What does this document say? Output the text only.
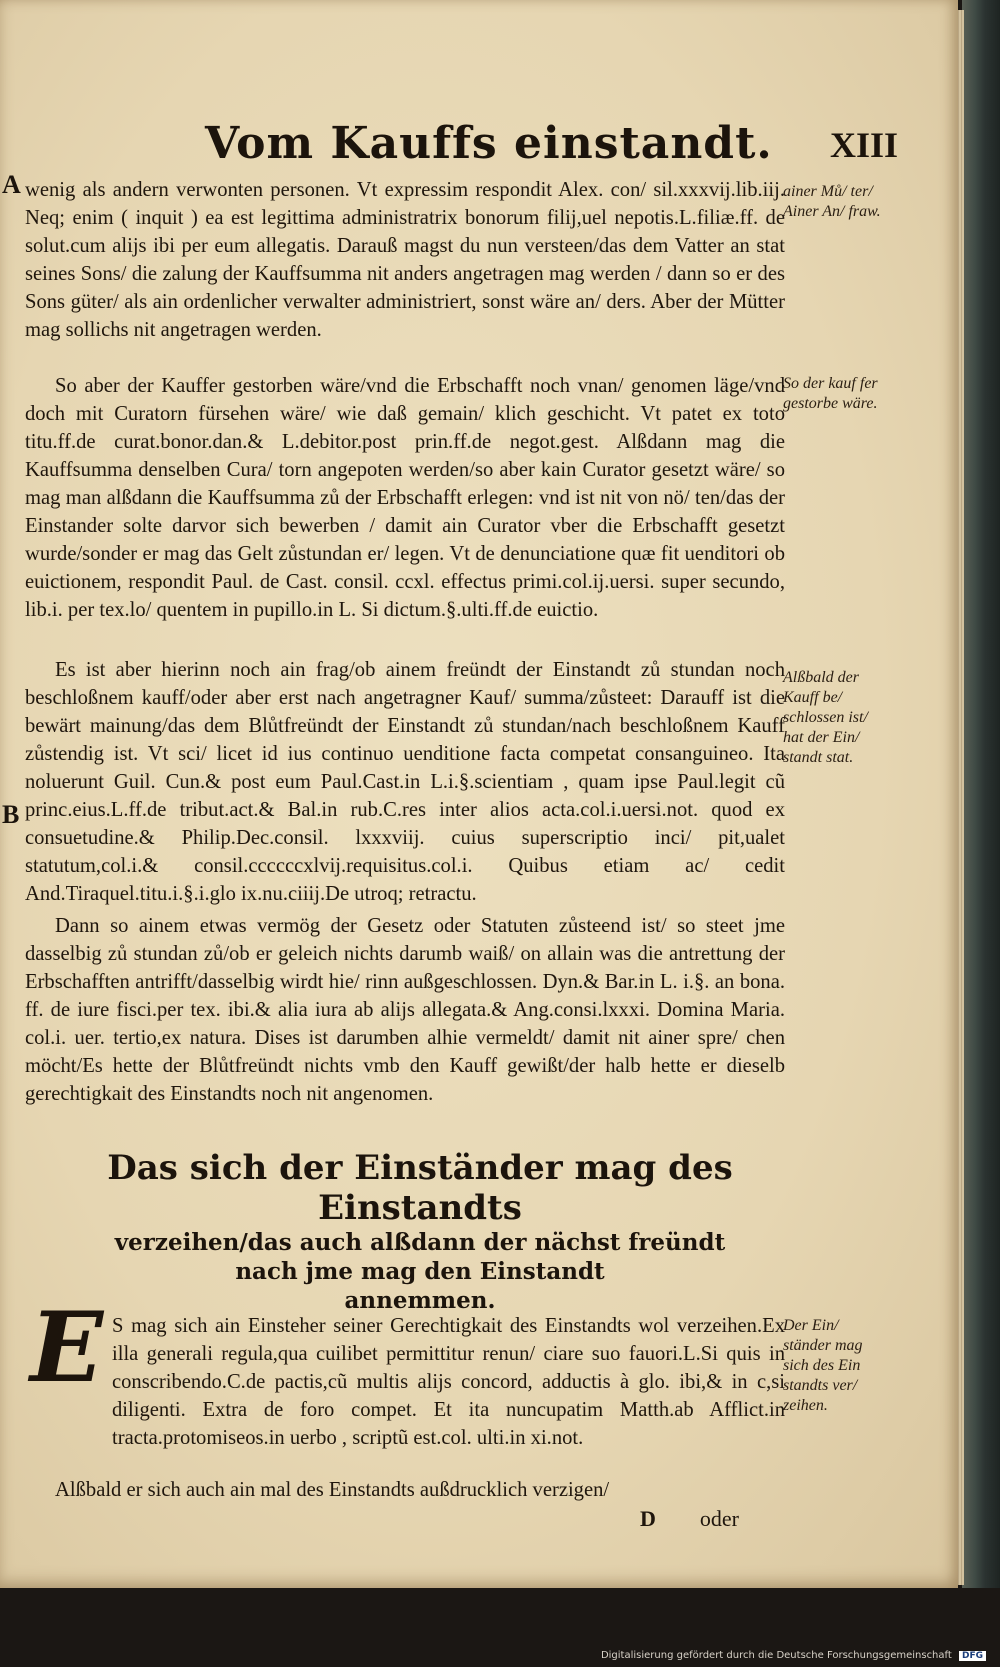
Vom Kauffs einstandt. XIII
A
B

wenig als andern verwonten personen. Vt expressim respondit Alex. con/ sil.xxxvij.lib.iij. Neq; enim ( inquit ) ea est legittima administratrix bonorum filij,uel nepotis.L.filiæ.ff. de solut.cum alijs ibi per eum allegatis. Darauß magst du nun versteen/das dem Vatter an stat seines Sons/ die zalung der Kauffsumma nit anders angetragen mag werden / dann so er des Sons güter/ als ain ordenlicher verwalter administriert, sonst wäre an/ ders. Aber der Mütter mag sollichs nit angetragen werden.

So aber der Kauffer gestorben wäre/vnd die Erbschafft noch vnan/ genomen läge/vnd doch mit Curatorn fürsehen wäre/ wie daß gemain/ klich geschicht. Vt patet ex toto titu.ff.de curat.bonor.dan.& L.debitor.post prin.ff.de negot.gest. Alßdann mag die Kauffsumma denselben Cura/ torn angepoten werden/so aber kain Curator gesetzt wäre/ so mag man alßdann die Kauffsumma zů der Erbschafft erlegen: vnd ist nit von nö/ ten/das der Einstander solte darvor sich bewerben / damit ain Curator vber die Erbschafft gesetzt wurde/sonder er mag das Gelt zůstundan er/ legen. Vt de denunciatione quæ fit uenditori ob euictionem, respondit Paul. de Cast. consil. ccxl. effectus primi.col.ij.uersi. super secundo, lib.i. per tex.lo/ quentem in pupillo.in L. Si dictum.§.ulti.ff.de euictio.

Es ist aber hierinn noch ain frag/ob ainem freündt der Einstandt zů stundan noch beschloßnem kauff/oder aber erst nach angetragner Kauf/ summa/zůsteet: Darauff ist die bewärt mainung/das dem Blůtfreündt der Einstandt zů stundan/nach beschloßnem Kauff zůstendig ist. Vt sci/ licet id ius continuo uenditione facta competat consanguineo. Ita noluerunt Guil. Cun.& post eum Paul.Cast.in L.i.§.scientiam , quam ipse Paul.legit cũ princ.eius.L.ff.de tribut.act.& Bal.in rub.C.res inter alios acta.col.i.uersi.not. quod ex consuetudine.& Philip.Dec.consil. lxxxviij. cuius superscriptio inci/ pit,ualet statutum,col.i.& consil.ccccccxlvij.requisitus.col.i. Quibus etiam ac/ cedit And.Tiraquel.titu.i.§.i.glo ix.nu.ciiij.De utroq; retractu.

Dann so ainem etwas vermög der Gesetz oder Statuten zůsteend ist/ so steet jme dasselbig zů stundan zů/ob er geleich nichts darumb waiß/ on allain was die antrettung der Erbschafften antrifft/dasselbig wirdt hie/ rinn außgeschlossen. Dyn.& Bar.in L. i.§. an bona. ff. de iure fisci.per tex. ibi.& alia iura ab alijs allegata.& Ang.consi.lxxxi. Domina Maria. col.i. uer. tertio,ex natura. Dises ist darumben alhie vermeldt/ damit nit ainer spre/ chen möcht/Es hette der Blůtfreündt nichts vmb den Kauff gewißt/der halb hette er dieselb gerechtigkait des Einstandts noch nit angenomen.

ainer Mů/ ter/ Ainer An/ fraw.

So der kauf fer gestorbe wäre.

Alßbald der Kauff be/ schlossen ist/ hat der Ein/ standt stat.

Der Ein/ ständer mag sich des Ein standts ver/ zeihen.

Das sich der Einständer mag des Einstandts
verzeihen/das auch alßdann der nächst freündt
nach jme mag den Einstandt
annemmen.
E S mag sich ain Einsteher seiner Gerechtigkait des Einstandts wol verzeihen.Ex illa generali regula,qua cuilibet permittitur renun/ ciare suo fauori.L.Si quis in conscribendo.C.de pactis,cũ multis alijs concord, adductis à glo. ibi,& in c,si diligenti. Extra de foro compet. Et ita nuncupatim Matth.ab Afflict.in tracta.protomiseos.in uerbo , scriptũ est.col. ulti.in xi.not.

Alßbald er sich auch ain mal des Einstandts außdrucklich verzigen/

D oder
Digitalisierung gefördert durch die Deutsche Forschungsgemeinschaft DFG
